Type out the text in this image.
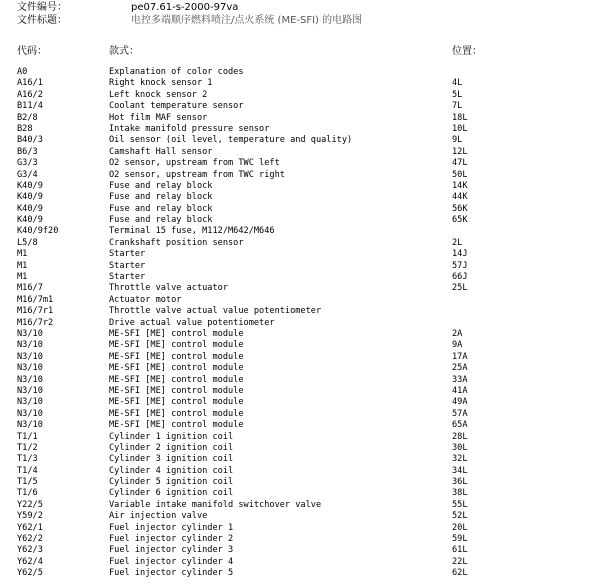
文件编号：	pe07.61-s-2000-97va
文件标题：	电控多端顺序燃料喷注/点火系统 (ME-SFI) 的电路图
代码：	款式：	位置：
A0	Explanation of color codes
A16/1	Right knock sensor 1	4L
A16/2	Left knock sensor 2	5L
B11/4	Coolant temperature sensor	7L
B2/8	Hot film MAF sensor	18L
B28	Intake manifold pressure sensor	10L
B40/3	Oil sensor (oil level, temperature and quality)	9L
B6/3	Camshaft Hall sensor	12L
G3/3	O2 sensor, upstream from TWC left	47L
G3/4	O2 sensor, upstream from TWC right	50L
K40/9	Fuse and relay block	14K
K40/9	Fuse and relay block	44K
K40/9	Fuse and relay block	56K
K40/9	Fuse and relay block	65K
K40/9f20	Terminal 15 fuse, M112/M642/M646
L5/8	Crankshaft position sensor	2L
M1	Starter	14J
M1	Starter	57J
M1	Starter	66J
M16/7	Throttle valve actuator	25L
M16/7m1	Actuator motor
M16/7r1	Throttle valve actual value potentiometer
M16/7r2	Drive actual value potentiometer
N3/10	ME-SFI [ME] control module	2A
N3/10	ME-SFI [ME] control module	9A
N3/10	ME-SFI [ME] control module	17A
N3/10	ME-SFI [ME] control module	25A
N3/10	ME-SFI [ME] control module	33A
N3/10	ME-SFI [ME] control module	41A
N3/10	ME-SFI [ME] control module	49A
N3/10	ME-SFI [ME] control module	57A
N3/10	ME-SFI [ME] control module	65A
T1/1	Cylinder 1 ignition coil	28L
T1/2	Cylinder 2 ignition coil	30L
T1/3	Cylinder 3 ignition coil	32L
T1/4	Cylinder 4 ignition coil	34L
T1/5	Cylinder 5 ignition coil	36L
T1/6	Cylinder 6 ignition coil	38L
Y22/5	Variable intake manifold switchover valve	55L
Y59/2	Air injection valve	52L
Y62/1	Fuel injector cylinder 1	20L
Y62/2	Fuel injector cylinder 2	59L
Y62/3	Fuel injector cylinder 3	61L
Y62/4	Fuel injector cylinder 4	22L
Y62/5	Fuel injector cylinder 5	62L
